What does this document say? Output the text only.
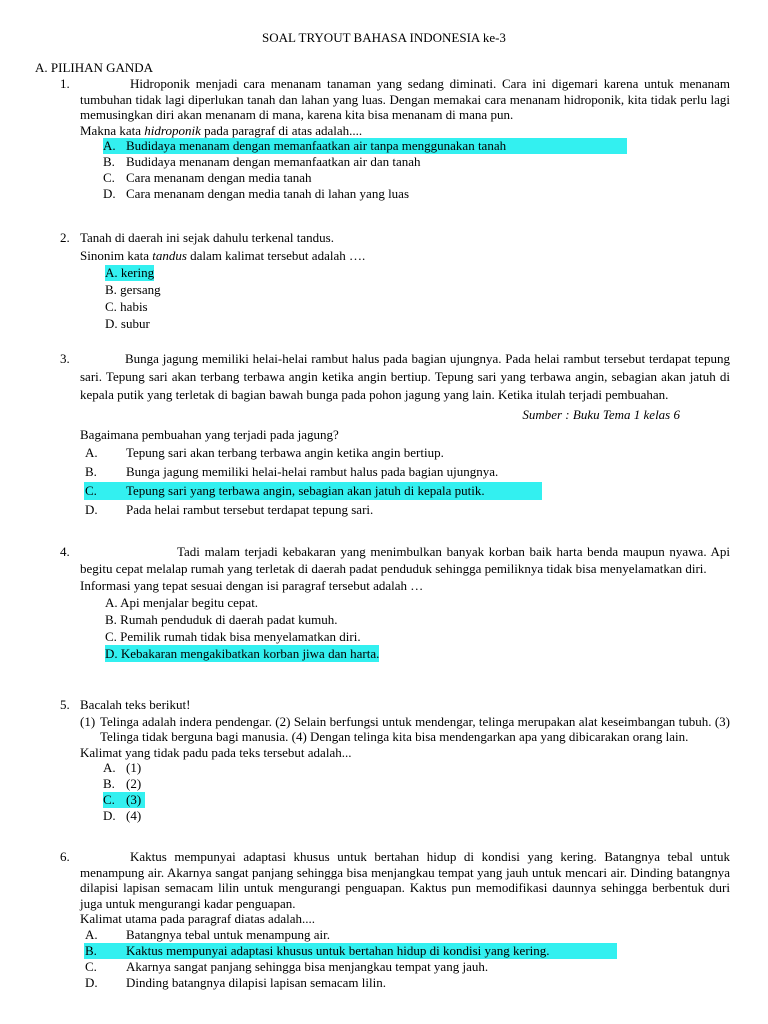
SOAL TRYOUT BAHASA INDONESIA ke-3
A. PILIHAN GANDA
1.	Hidroponik menjadi cara menanam tanaman yang sedang diminati. Cara ini digemari karena untuk menanam tumbuhan tidak lagi diperlukan tanah dan lahan yang luas. Dengan memakai cara menanam hidroponik, kita tidak perlu lagi memusingkan diri akan menanam di mana, karena kita bisa menanam di mana pun.
Makna kata hidroponik pada paragraf di atas adalah....
A. Budidaya menanam dengan memanfaatkan air tanpa menggunakan tanah
B. Budidaya menanam dengan memanfaatkan air dan tanah
C. Cara menanam dengan media tanah
D. Cara menanam dengan media tanah di lahan yang luas
2. Tanah di daerah ini sejak dahulu terkenal tandus.
Sinonim kata tandus dalam kalimat tersebut adalah ….
A. kering
B. gersang
C. habis
D. subur
3.	Bunga jagung memiliki helai-helai rambut halus pada bagian ujungnya. Pada helai rambut tersebut terdapat tepung sari. Tepung sari akan terbang terbawa angin ketika angin bertiup. Tepung sari yang terbawa angin, sebagian akan jatuh di kepala putik yang terletak di bagian bawah bunga pada pohon jagung yang lain. Ketika itulah terjadi pembuahan.
Sumber : Buku Tema 1 kelas 6
Bagaimana pembuahan yang terjadi pada jagung?
A. Tepung sari akan terbang terbawa angin ketika angin bertiup.
B. Bunga jagung memiliki helai-helai rambut halus pada bagian ujungnya.
C. Tepung sari yang terbawa angin, sebagian akan jatuh di kepala putik.
D. Pada helai rambut tersebut terdapat tepung sari.
4.	Tadi malam terjadi kebakaran yang menimbulkan banyak korban baik harta benda maupun nyawa. Api begitu cepat melalap rumah yang terletak di daerah padat penduduk sehingga pemiliknya tidak bisa menyelamatkan diri.
Informasi yang tepat sesuai dengan isi paragraf tersebut adalah …
A. Api menjalar begitu cepat.
B. Rumah penduduk di daerah padat kumuh.
C. Pemilik rumah tidak bisa menyelamatkan diri.
D. Kebakaran mengakibatkan korban jiwa dan harta.
5. Bacalah teks berikut!
(1) Telinga adalah indera pendengar. (2) Selain berfungsi untuk mendengar, telinga merupakan alat keseimbangan tubuh. (3) Telinga tidak berguna bagi manusia. (4) Dengan telinga kita bisa mendengarkan apa yang dibicarakan orang lain.
Kalimat yang tidak padu pada teks tersebut adalah...
A. (1)
B. (2)
C. (3)
D. (4)
6.	Kaktus mempunyai adaptasi khusus untuk bertahan hidup di kondisi yang kering. Batangnya tebal untuk menampung air. Akarnya sangat panjang sehingga bisa menjangkau tempat yang jauh untuk mencari air. Dinding batangnya dilapisi lapisan semacam lilin untuk mengurangi penguapan. Kaktus pun memodifikasi daunnya sehingga berbentuk duri juga untuk mengurangi kadar penguapan.
Kalimat utama pada paragraf diatas adalah....
A. Batangnya tebal untuk menampung air.
B. Kaktus mempunyai adaptasi khusus untuk bertahan hidup di kondisi yang kering.
C. Akarnya sangat panjang sehingga bisa menjangkau tempat yang jauh.
D. Dinding batangnya dilapisi lapisan semacam lilin.
